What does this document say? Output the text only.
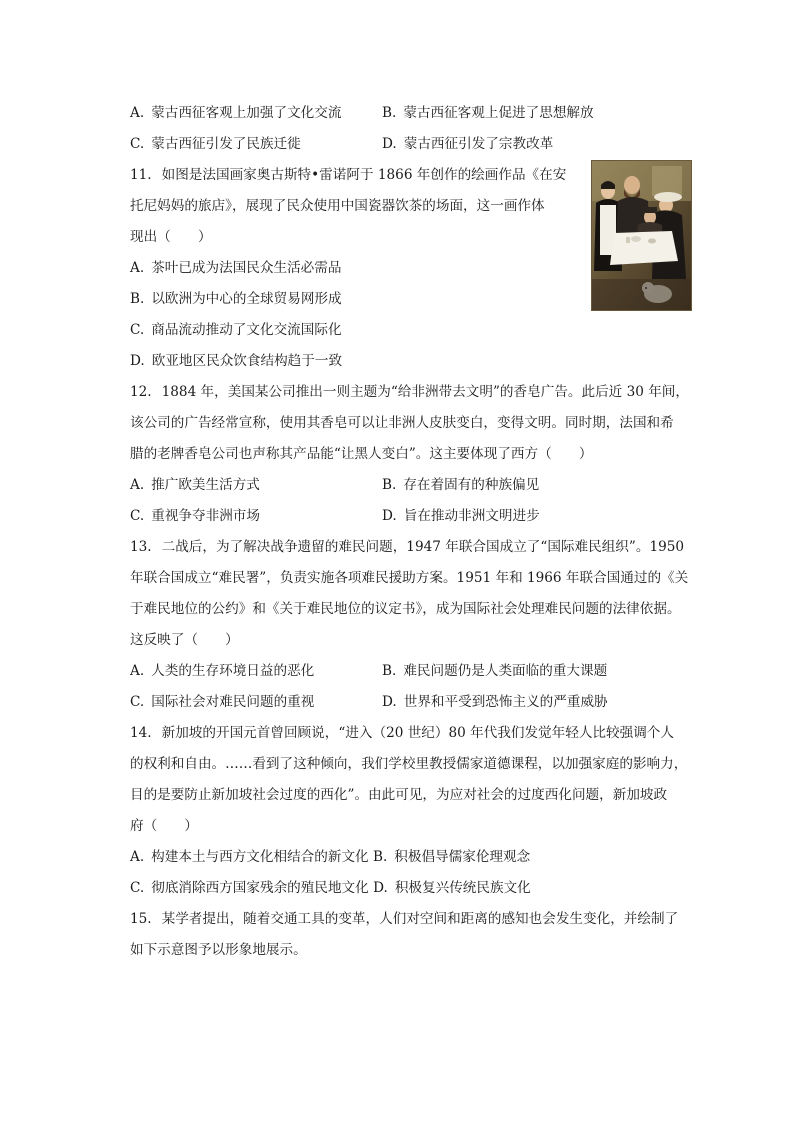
A. 蒙古西征客观上加强了文化交流	B. 蒙古西征客观上促进了思想解放
C. 蒙古西征引发了民族迁徙	D. 蒙古西征引发了宗教改革
11. 如图是法国画家奥古斯特•雷诺阿于 1866 年创作的绘画作品《在安
托尼妈妈的旅店》，展现了民众使用中国瓷器饮茶的场面，这一画作体
现出（　　）
A. 茶叶已成为法国民众生活必需品
B. 以欧洲为中心的全球贸易网形成
C. 商品流动推动了文化交流国际化
D. 欧亚地区民众饮食结构趋于一致
12. 1884 年，美国某公司推出一则主题为“给非洲带去文明”的香皂广告。此后近 30 年间，
该公司的广告经常宣称，使用其香皂可以让非洲人皮肤变白，变得文明。同时期，法国和希
腊的老牌香皂公司也声称其产品能“让黑人变白”。这主要体现了西方（　　）
A. 推广欧美生活方式	B. 存在着固有的种族偏见
C. 重视争夺非洲市场	D. 旨在推动非洲文明进步
13. 二战后，为了解决战争遗留的难民问题，1947 年联合国成立了“国际难民组织”。1950
年联合国成立“难民署”，负责实施各项难民援助方案。1951 年和 1966 年联合国通过的《关
于难民地位的公约》和《关于难民地位的议定书》，成为国际社会处理难民问题的法律依据。
这反映了（　　）
A. 人类的生存环境日益的恶化	B. 难民问题仍是人类面临的重大课题
C. 国际社会对难民问题的重视	D. 世界和平受到恐怖主义的严重威胁
14. 新加坡的开国元首曾回顾说，“进入（20 世纪）80 年代我们发觉年轻人比较强调个人
的权利和自由。……看到了这种倾向，我们学校里教授儒家道德课程，以加强家庭的影响力，
目的是要防止新加坡社会过度的西化”。由此可见，为应对社会的过度西化问题，新加坡政
府（　　）
A. 构建本土与西方文化相结合的新文化 B. 积极倡导儒家伦理观念
C. 彻底消除西方国家残余的殖民地文化 D. 积极复兴传统民族文化
15. 某学者提出，随着交通工具的变革，人们对空间和距离的感知也会发生变化，并绘制了
如下示意图予以形象地展示。
